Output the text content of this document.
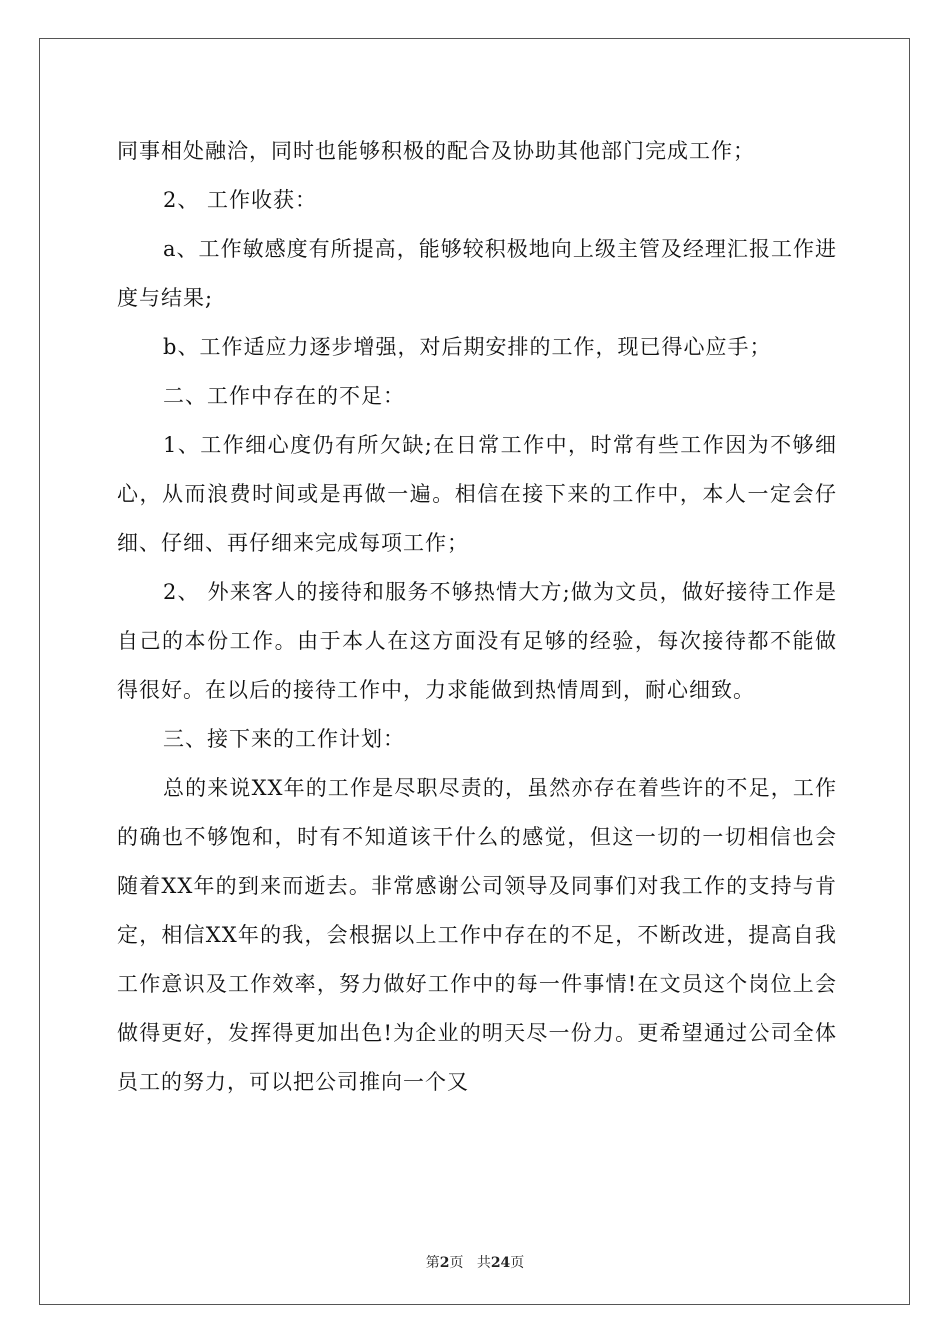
同事相处融洽，同时也能够积极的配合及协助其他部门完成工作；

2、 工作收获：

a、工作敏感度有所提高，能够较积极地向上级主管及经理汇报工作进度与结果;

b、工作适应力逐步增强，对后期安排的工作，现已得心应手；

二、工作中存在的不足：

1、工作细心度仍有所欠缺;在日常工作中，时常有些工作因为不够细心，从而浪费时间或是再做一遍。相信在接下来的工作中，本人一定会仔细、仔细、再仔细来完成每项工作；

2、 外来客人的接待和服务不够热情大方;做为文员，做好接待工作是自己的本份工作。由于本人在这方面没有足够的经验，每次接待都不能做得很好。在以后的接待工作中，力求能做到热情周到，耐心细致。

三、接下来的工作计划：

总的来说XX年的工作是尽职尽责的，虽然亦存在着些许的不足，工作的确也不够饱和，时有不知道该干什么的感觉，但这一切的一切相信也会随着XX年的到来而逝去。非常感谢公司领导及同事们对我工作的支持与肯定，相信XX年的我，会根据以上工作中存在的不足，不断改进，提高自我工作意识及工作效率，努力做好工作中的每一件事情!在文员这个岗位上会做得更好，发挥得更加出色!为企业的明天尽一份力。更希望通过公司全体员工的努力，可以把公司推向一个又

第2页 共24页
